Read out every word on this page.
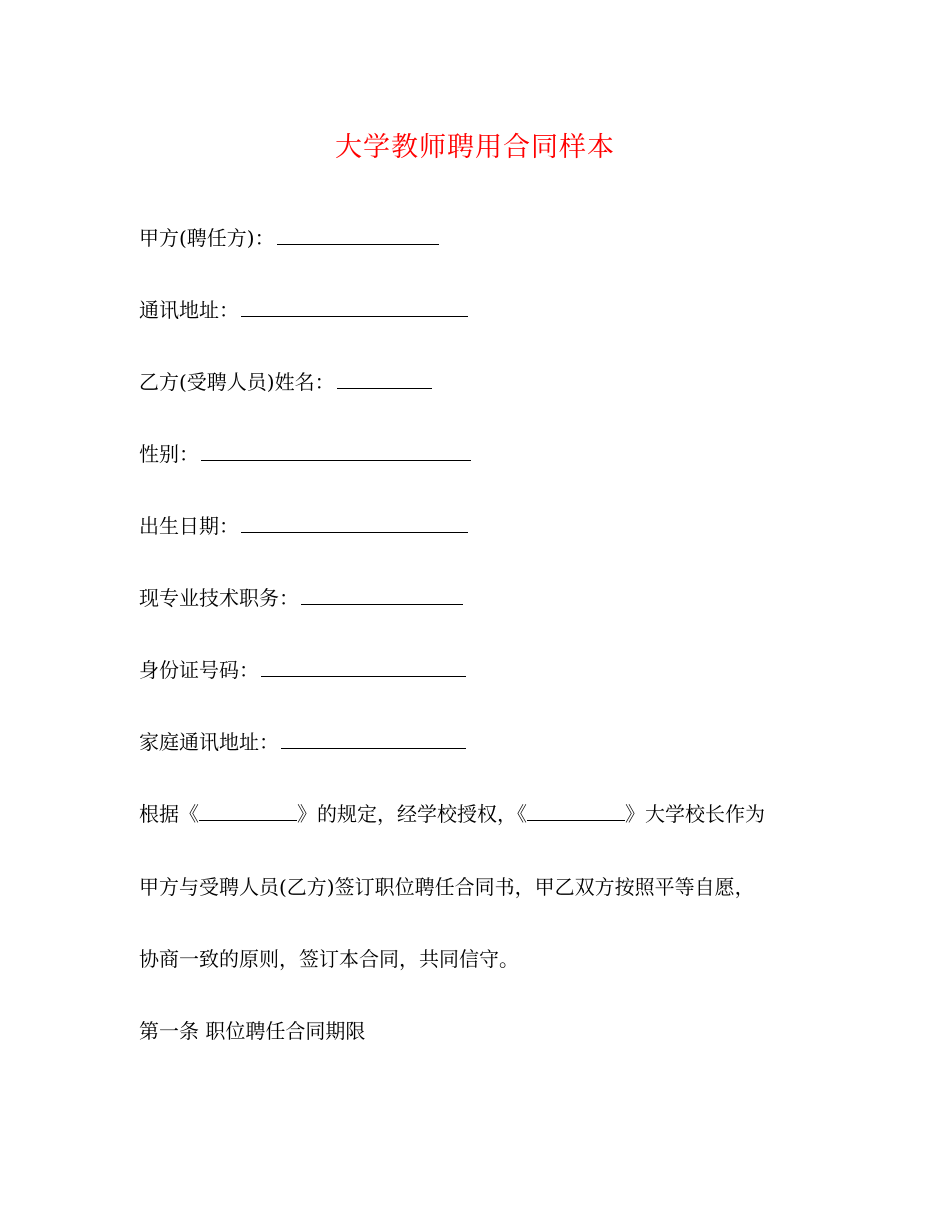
大学教师聘用合同样本
甲方(聘任方)：
通讯地址：
乙方(受聘人员)姓名：
性别：
出生日期：
现专业技术职务：
身份证号码：
家庭通讯地址：
根据《	》的规定，经学校授权，《	》大学校长作为
甲方与受聘人员(乙方)签订职位聘任合同书，甲乙双方按照平等自愿，
协商一致的原则，签订本合同，共同信守。
第一条 职位聘任合同期限
